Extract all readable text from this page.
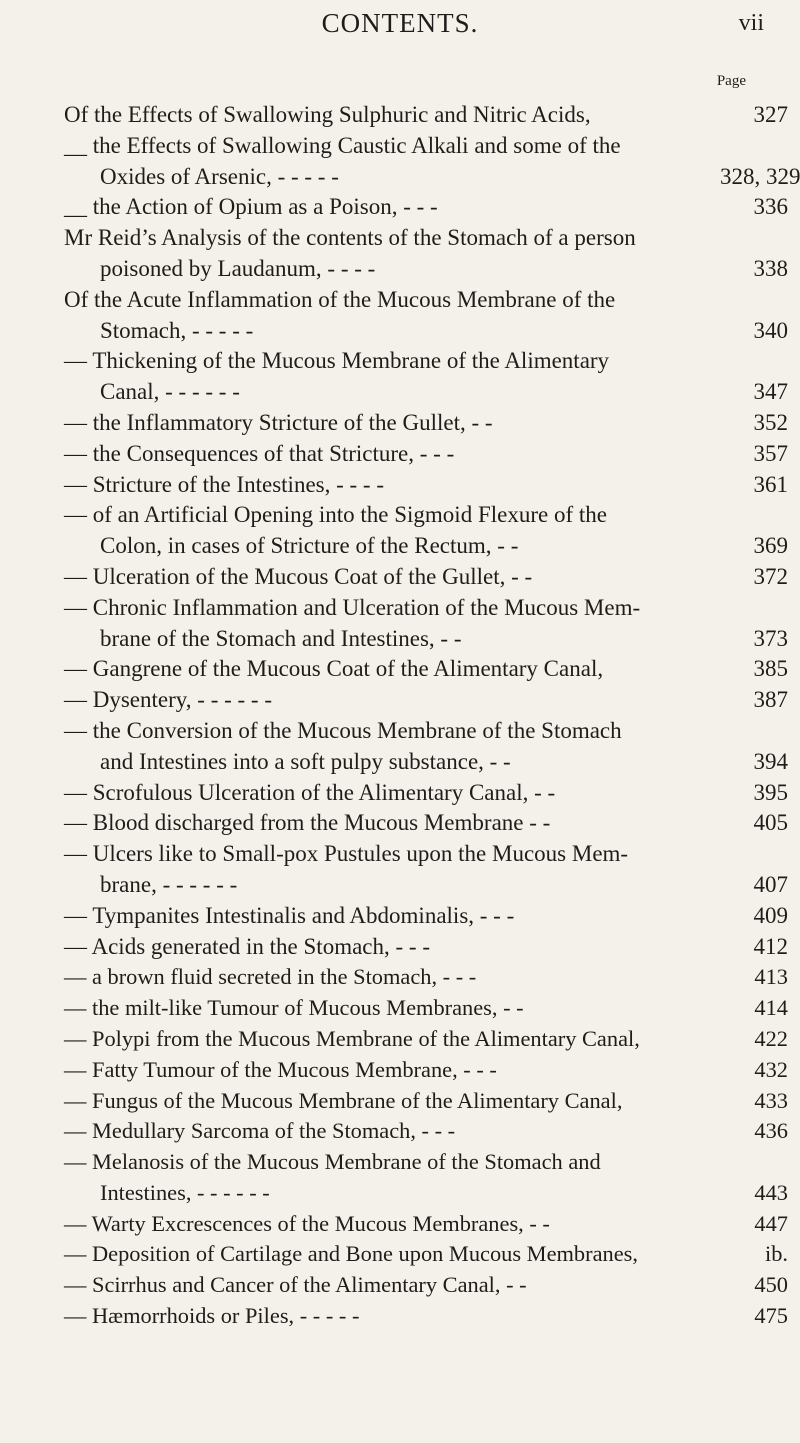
CONTENTS.	vii
Page
Of the Effects of Swallowing Sulphuric and Nitric Acids,	327
__ the Effects of Swallowing Caustic Alkali and some of the
Oxides of Arsenic, - - - - -	328, 329
__ the Action of Opium as a Poison, - - -	336
Mr Reid’s Analysis of the contents of the Stomach of a person
poisoned by Laudanum, - - - -	338
Of the Acute Inflammation of the Mucous Membrane of the
Stomach, - - - - -	340
— Thickening of the Mucous Membrane of the Alimentary
Canal, - - - - - -	347
— the Inflammatory Stricture of the Gullet, - -	352
— the Consequences of that Stricture, - - -	357
— Stricture of the Intestines, - - - -	361
— of an Artificial Opening into the Sigmoid Flexure of the
Colon, in cases of Stricture of the Rectum, - -	369
— Ulceration of the Mucous Coat of the Gullet, - -	372
— Chronic Inflammation and Ulceration of the Mucous Mem-
brane of the Stomach and Intestines, - -	373
— Gangrene of the Mucous Coat of the Alimentary Canal,	385
— Dysentery, - - - - - -	387
— the Conversion of the Mucous Membrane of the Stomach
and Intestines into a soft pulpy substance, - -	394
— Scrofulous Ulceration of the Alimentary Canal, - -	395
— Blood discharged from the Mucous Membrane - -	405
— Ulcers like to Small-pox Pustules upon the Mucous Mem-
brane, - - - - - -	407
— Tympanites Intestinalis and Abdominalis, - - -	409
— Acids generated in the Stomach, - - -	412
— a brown fluid secreted in the Stomach, - - -	413
— the milt-like Tumour of Mucous Membranes, - -	414
— Polypi from the Mucous Membrane of the Alimentary Canal,	422
— Fatty Tumour of the Mucous Membrane, - - -	432
— Fungus of the Mucous Membrane of the Alimentary Canal,	433
— Medullary Sarcoma of the Stomach, - - -	436
— Melanosis of the Mucous Membrane of the Stomach and
Intestines, - - - - - -	443
— Warty Excrescences of the Mucous Membranes, - -	447
— Deposition of Cartilage and Bone upon Mucous Membranes,	ib.
— Scirrhus and Cancer of the Alimentary Canal, - -	450
— Hæmorrhoids or Piles, - - - - -	475
